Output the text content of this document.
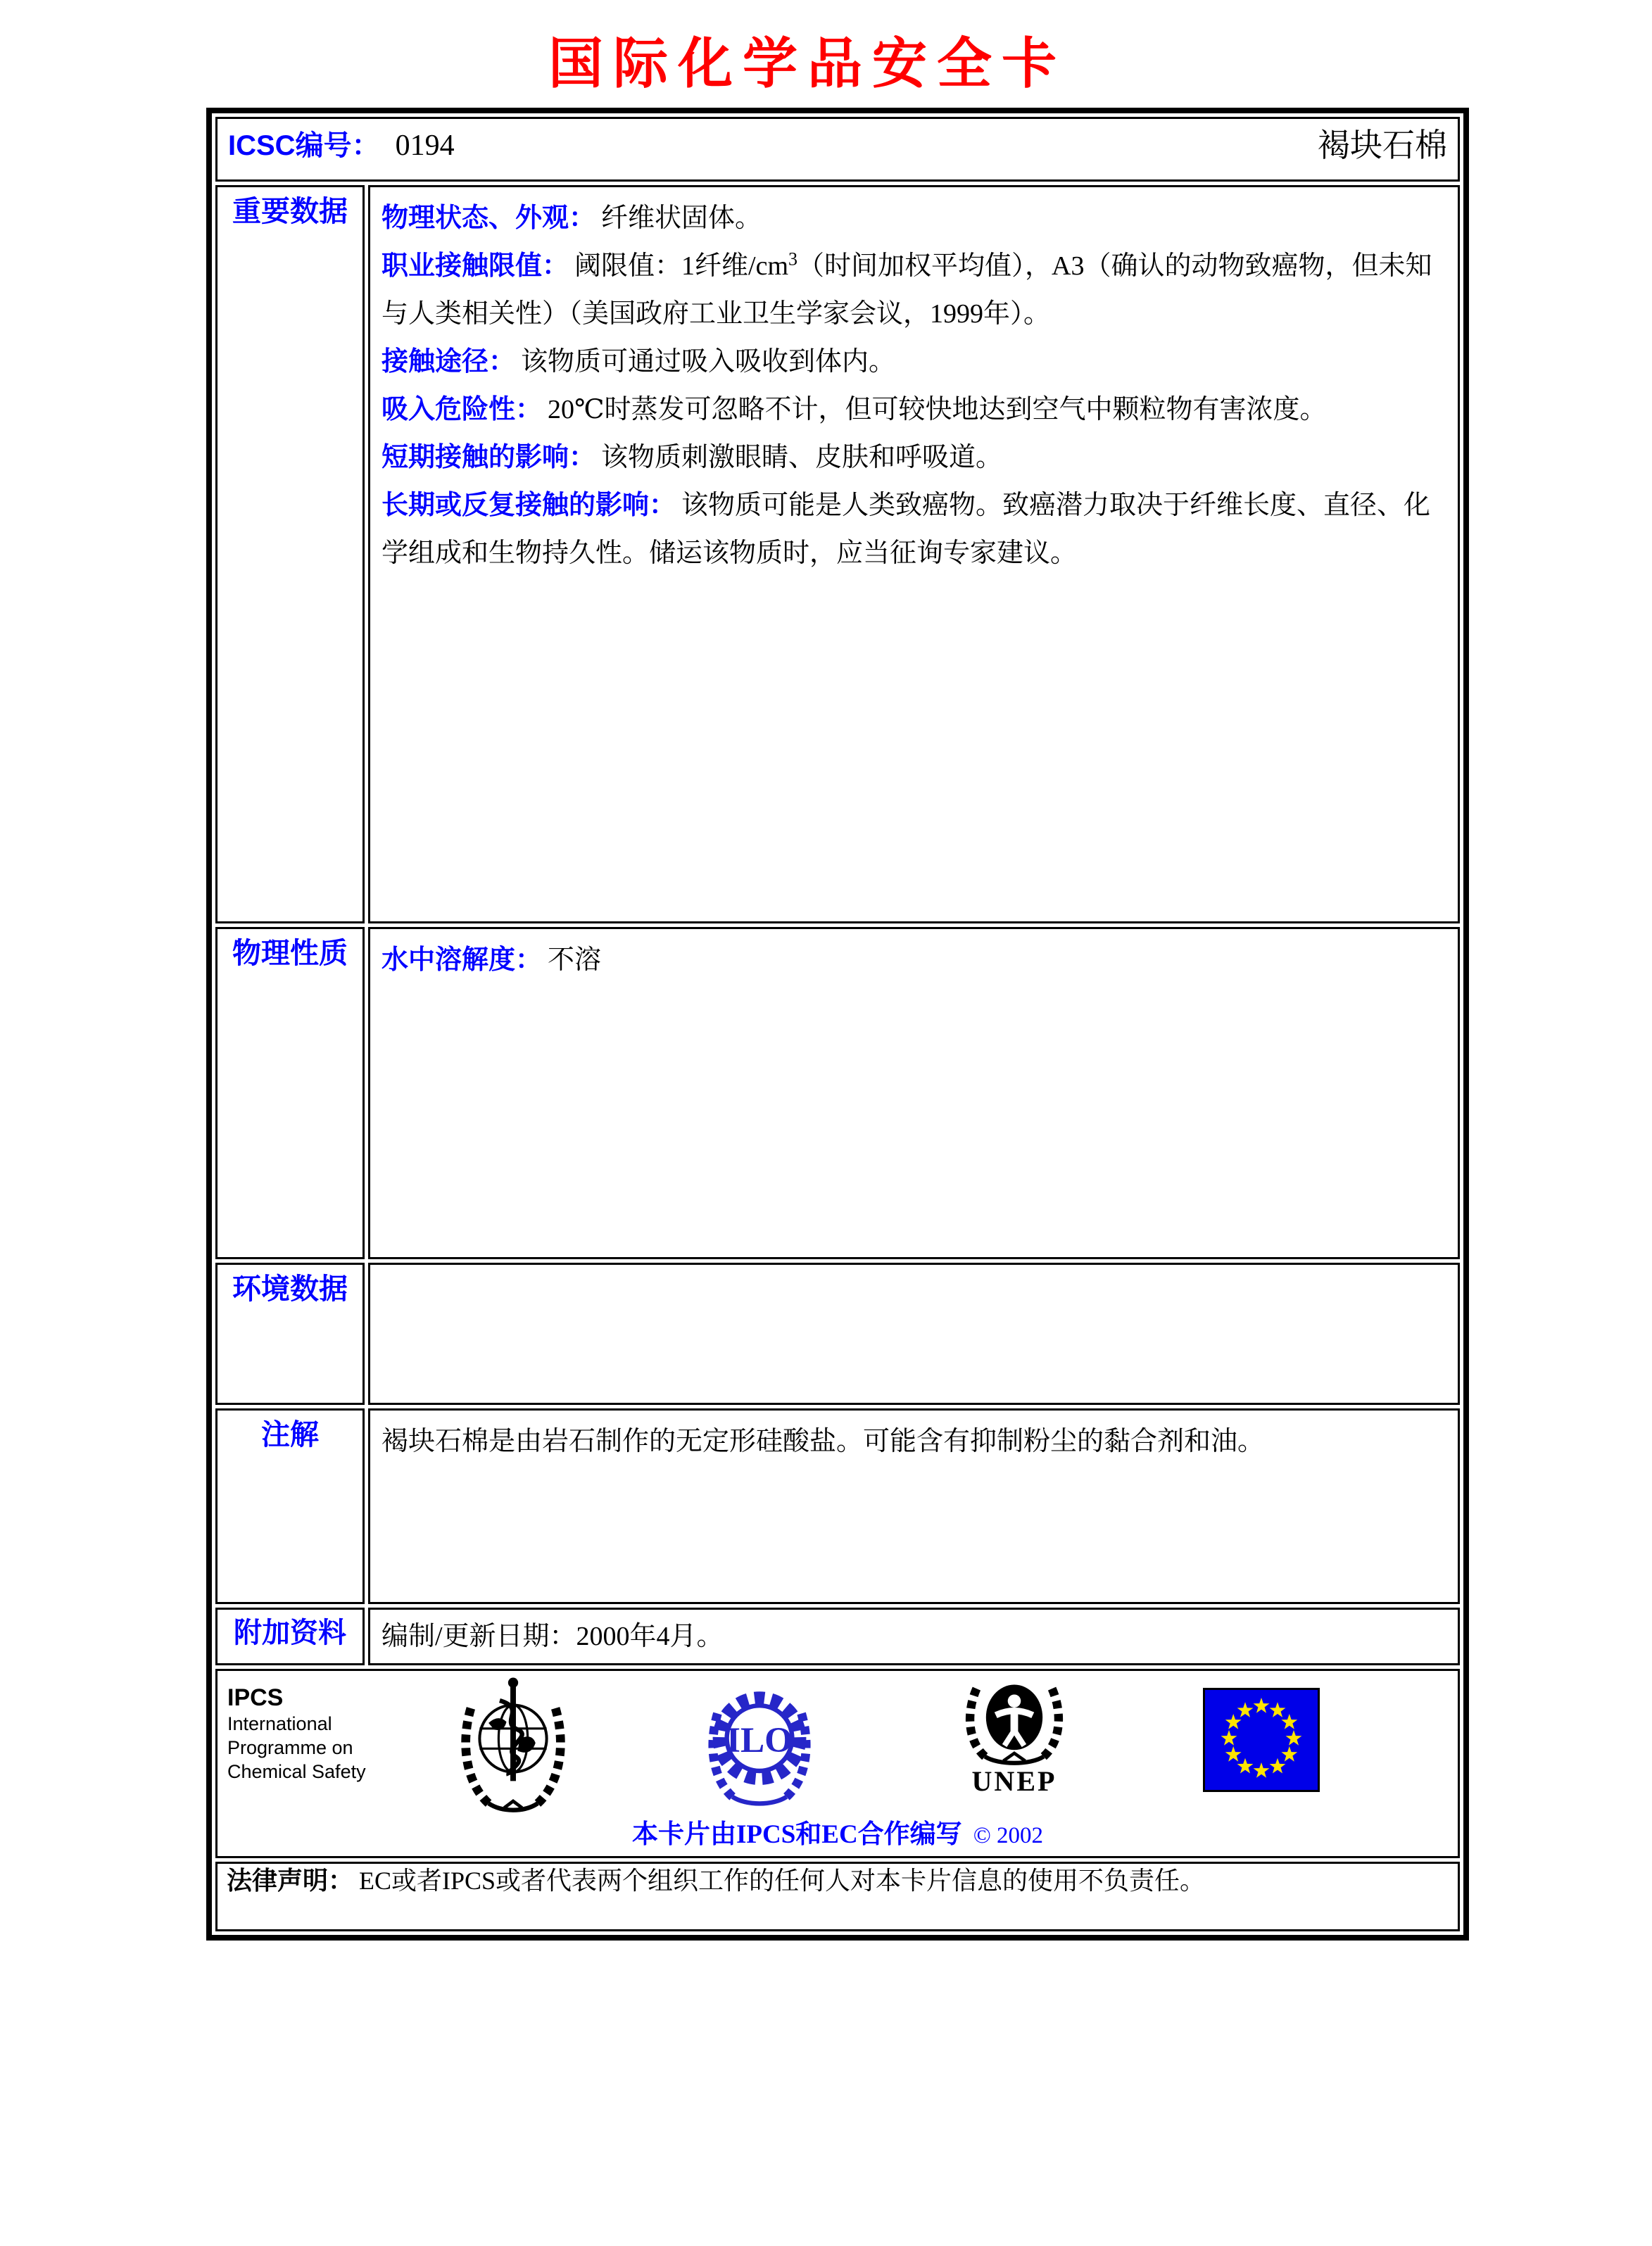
国际化学品安全卡
ICSC编号： 0194 褐块石棉	

重要数据	物理状态、外观： 纤维状固体。

职业接触限值： 阈限值：1纤维$/cm^3$（时间加权平均值），A3（确认的动物致癌物，但未知与人类相关性）（美国政府工业卫生学家会议，1999年）。

接触途径： 该物质可通过吸入吸收到体内。

吸入危险性： 20℃时蒸发可忽略不计，但可较快地达到空气中颗粒物有害浓度。

短期接触的影响： 该物质刺激眼睛、皮肤和呼吸道。

长期或反复接触的影响： 该物质可能是人类致癌物。致癌潜力取决于纤维长度、直径、化学组成和生物持久性。储运该物质时，应当征询专家建议。

物理性质	水中溶解度： 不溶

环境数据	
注解	褐块石棉是由岩石制作的无定形硅酸盐。可能含有抑制粉尘的黏合剂和油。

附加资料	编制/更新日期：2000年4月。

IPCS
International
Programme on
Chemical Safety
ILO
UNEP
本卡片由IPCS和EC合作编写 © 2002

法律声明： EC或者IPCS或者代表两个组织工作的任何人对本卡片信息的使用不负责任。	
